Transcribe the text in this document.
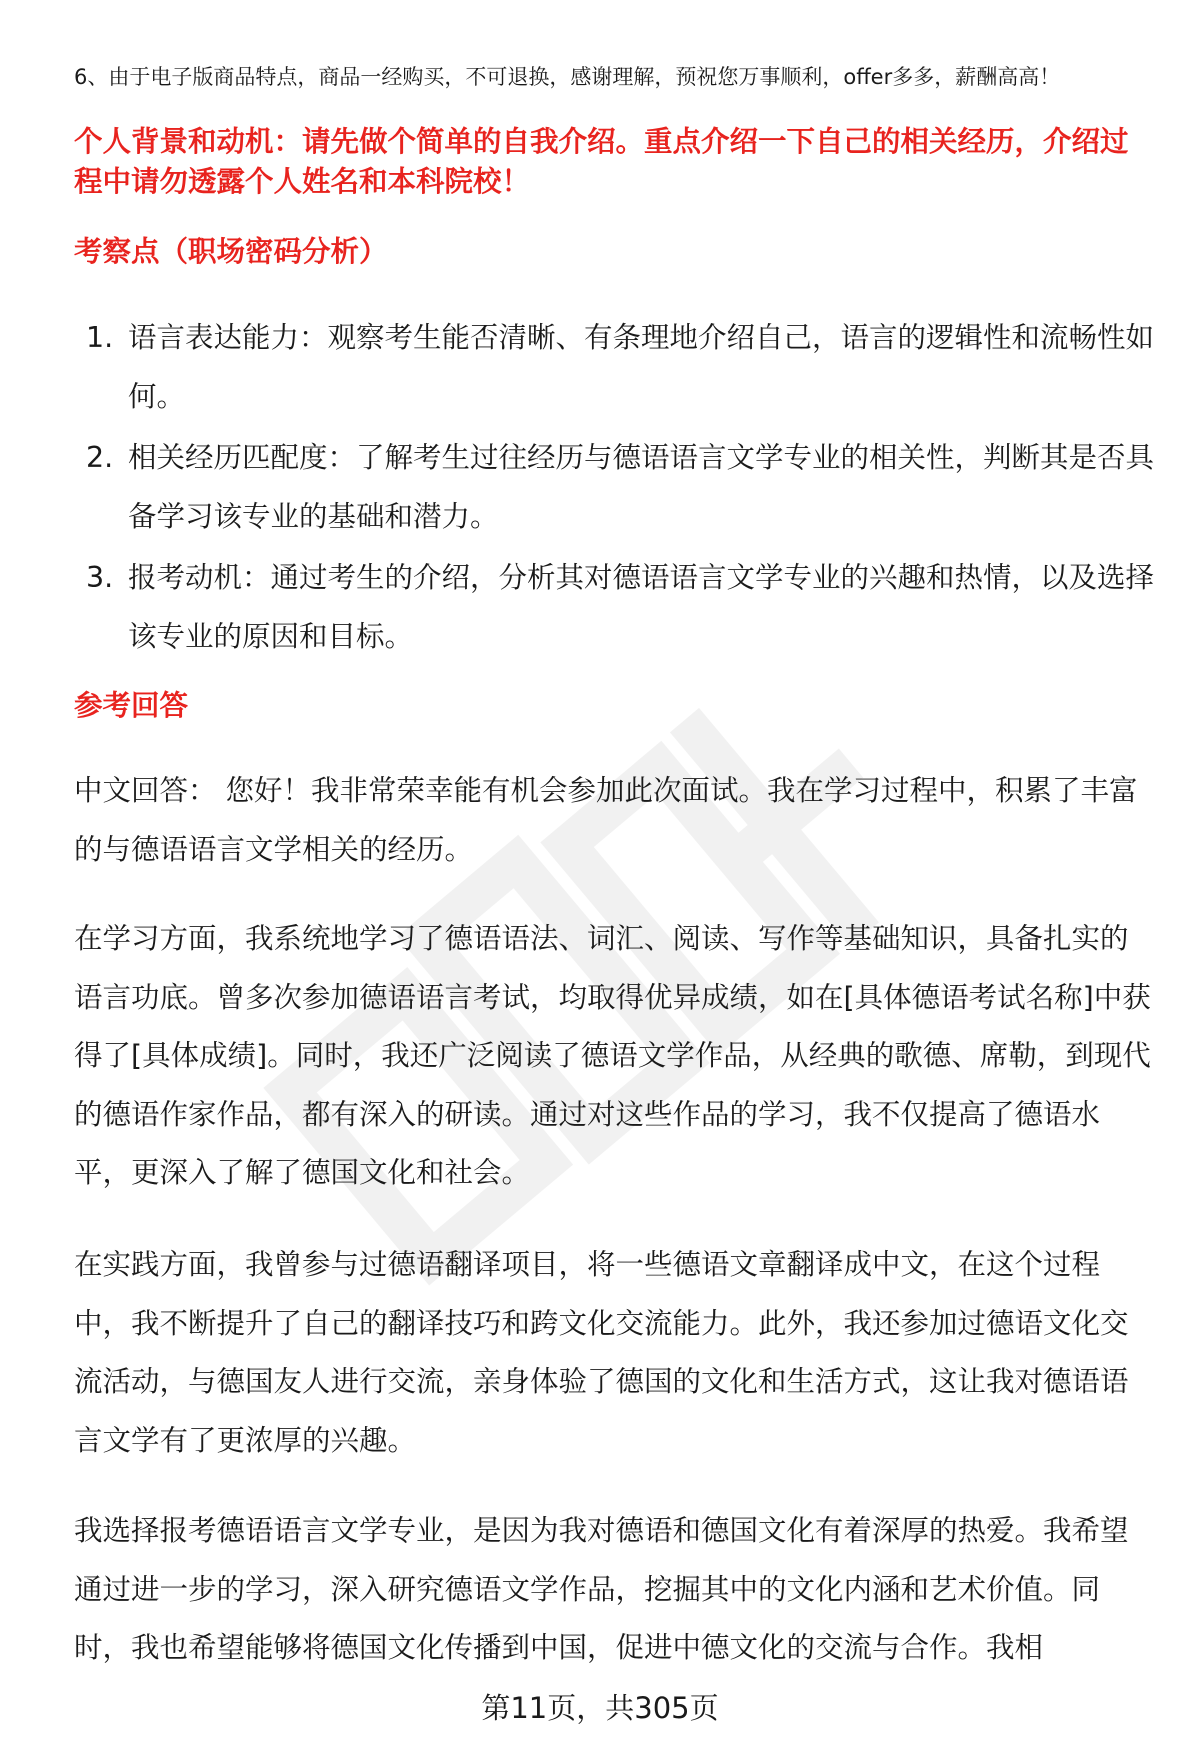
6、由于电子版商品特点，商品一经购买，不可退换，感谢理解，预祝您万事顺利，offer多多，薪酬高高！
个人背景和动机：请先做个简单的自我介绍。重点介绍一下自己的相关经历，介绍过程中请勿透露个人姓名和本科院校！
考察点（职场密码分析）
1. 语言表达能力：观察考生能否清晰、有条理地介绍自己，语言的逻辑性和流畅性如何。
2. 相关经历匹配度：了解考生过往经历与德语语言文学专业的相关性，判断其是否具备学习该专业的基础和潜力。
3. 报考动机：通过考生的介绍，分析其对德语语言文学专业的兴趣和热情，以及选择该专业的原因和目标。
参考回答

中文回答： 您好！我非常荣幸能有机会参加此次面试。我在学习过程中，积累了丰富的与德语语言文学相关的经历。

在学习方面，我系统地学习了德语语法、词汇、阅读、写作等基础知识，具备扎实的语言功底。曾多次参加德语语言考试，均取得优异成绩，如在[具体德语考试名称]中获得了[具体成绩]。同时，我还广泛阅读了德语文学作品，从经典的歌德、席勒，到现代的德语作家作品，都有深入的研读。通过对这些作品的学习，我不仅提高了德语水平，更深入了解了德国文化和社会。

在实践方面，我曾参与过德语翻译项目，将一些德语文章翻译成中文，在这个过程中，我不断提升了自己的翻译技巧和跨文化交流能力。此外，我还参加过德语文化交流活动，与德国友人进行交流，亲身体验了德国的文化和生活方式，这让我对德语语言文学有了更浓厚的兴趣。

我选择报考德语语言文学专业，是因为我对德语和德国文化有着深厚的热爱。我希望通过进一步的学习，深入研究德语文学作品，挖掘其中的文化内涵和艺术价值。同时，我也希望能够将德国文化传播到中国，促进中德文化的交流与合作。我相

第11页，共305页
